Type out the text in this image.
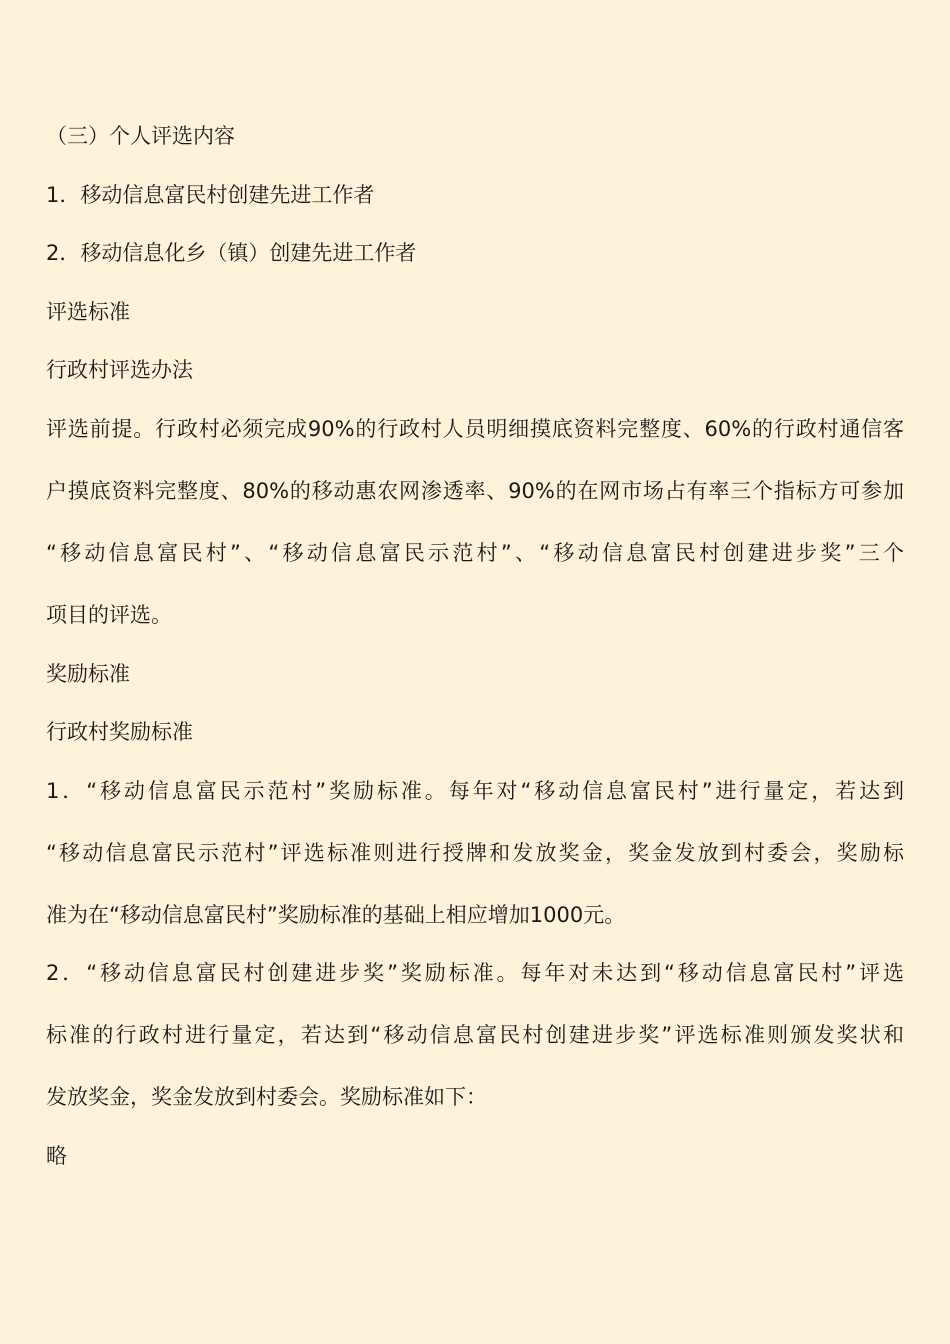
（三）个人评选内容
1．移动信息富民村创建先进工作者
2．移动信息化乡（镇）创建先进工作者
评选标准
行政村评选办法
评选前提。行政村必须完成90%的行政村人员明细摸底资料完整度、60%的行政村通信客
户摸底资料完整度、80%的移动惠农网渗透率、90%的在网市场占有率三个指标方可参加
“移动信息富民村”、“移动信息富民示范村”、“移动信息富民村创建进步奖”三个
项目的评选。
奖励标准
行政村奖励标准
1．“移动信息富民示范村”奖励标准。每年对“移动信息富民村”进行量定，若达到
“移动信息富民示范村”评选标准则进行授牌和发放奖金，奖金发放到村委会，奖励标
准为在“移动信息富民村”奖励标准的基础上相应增加1000元。
2．“移动信息富民村创建进步奖”奖励标准。每年对未达到“移动信息富民村”评选
标准的行政村进行量定，若达到“移动信息富民村创建进步奖”评选标准则颁发奖状和
发放奖金，奖金发放到村委会。奖励标准如下：
略
